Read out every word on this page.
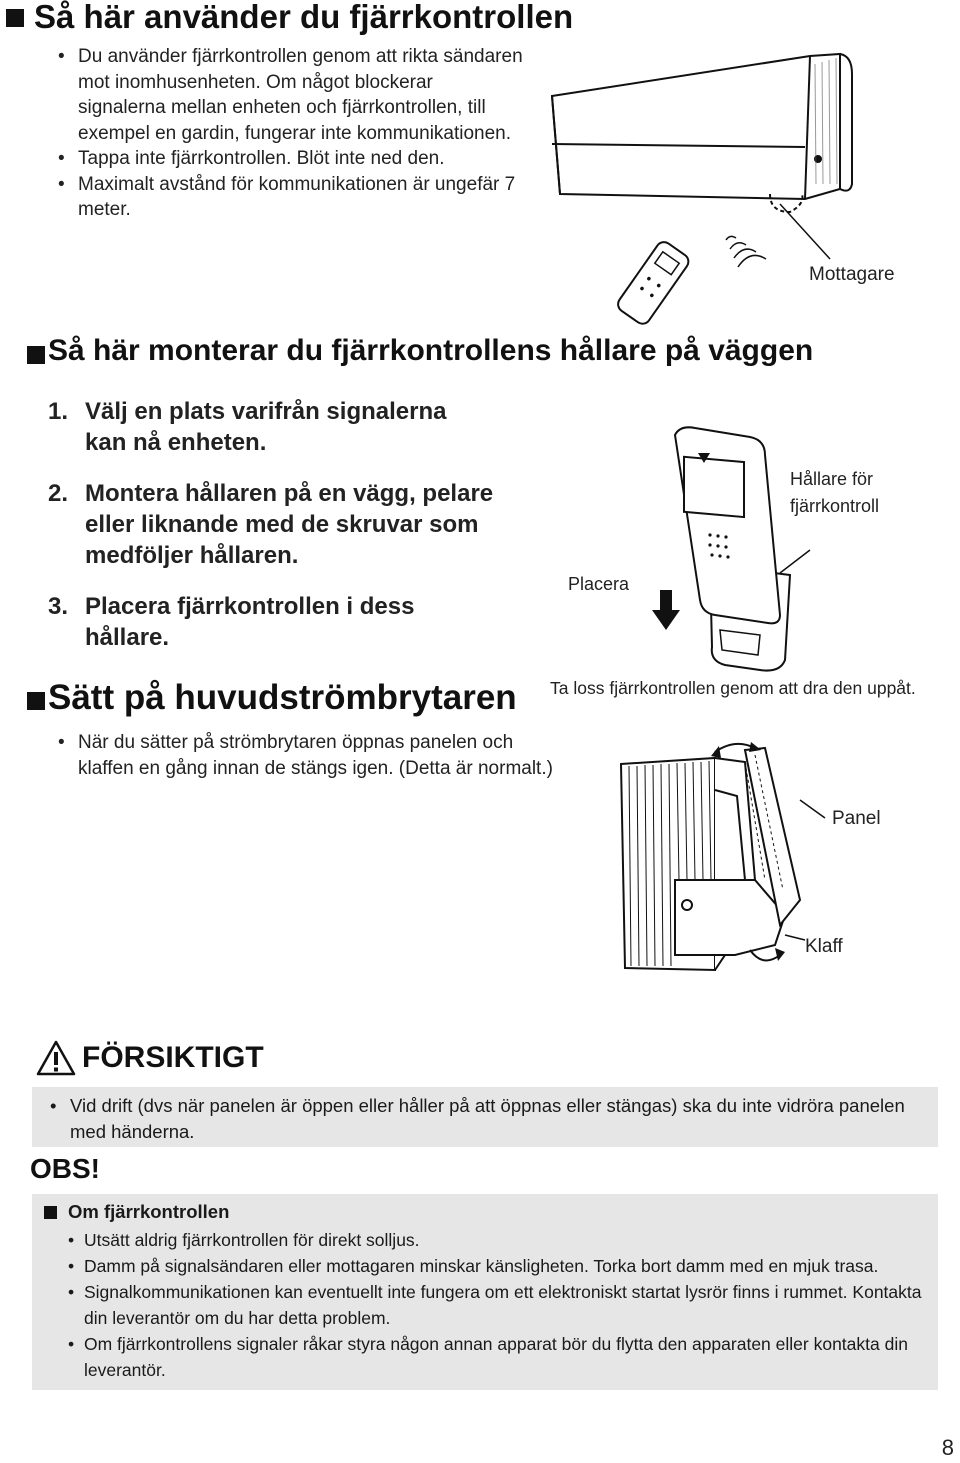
Så här använder du fjärrkontrollen
• Du använder fjärrkontrollen genom att rikta sändaren mot inomhusenheten. Om något blockerar signalerna mellan enheten och fjärrkontrollen, till exempel en gardin, fungerar inte kommunikationen.
• Tappa inte fjärrkontrollen. Blöt inte ned den.
• Maximalt avstånd för kommunikationen är ungefär 7 meter.
Mottagare
Så här monterar du fjärrkontrollens hållare på väggen
1. Välj en plats varifrån signalerna kan nå enheten.
2. Montera hållaren på en vägg, pelare eller liknande med de skruvar som medföljer hållaren.
3. Placera fjärrkontrollen i dess hållare.
Hållare för fjärrkontroll
Placera
Ta loss fjärrkontrollen genom att dra den uppåt.
Sätt på huvudströmbrytaren
• När du sätter på strömbrytaren öppnas panelen och klaffen en gång innan de stängs igen. (Detta är normalt.)
Panel
Klaff
FÖRSIKTIGT
• Vid drift (dvs när panelen är öppen eller håller på att öppnas eller stängas) ska du inte vidröra panelen med händerna.
OBS!
Om fjärrkontrollen
• Utsätt aldrig fjärrkontrollen för direkt solljus.
• Damm på signalsändaren eller mottagaren minskar känsligheten. Torka bort damm med en mjuk trasa.
• Signalkommunikationen kan eventuellt inte fungera om ett elektroniskt startat lysrör finns i rummet. Kontakta din leverantör om du har detta problem.
• Om fjärrkontrollens signaler råkar styra någon annan apparat bör du flytta den apparaten eller kontakta din leverantör.
8
